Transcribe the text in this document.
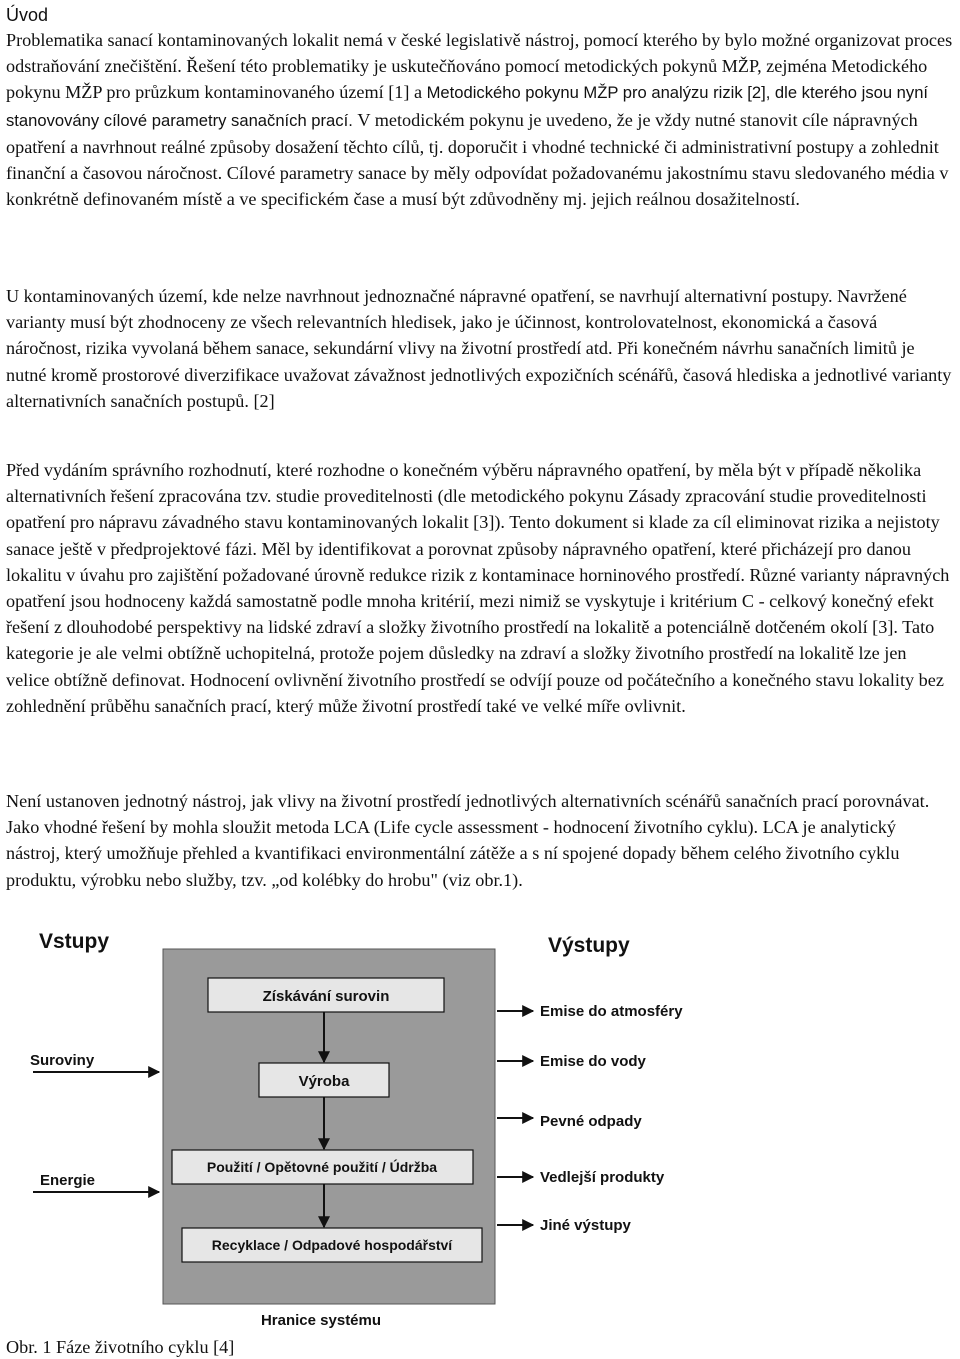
Úvod

Problematika sanací kontaminovaných lokalit nemá v české legislativě nástroj, pomocí kterého by bylo možné organizovat proces odstraňování znečištění. Řešení této problematiky je uskutečňováno pomocí metodických pokynů MŽP, zejména Metodického pokynu MŽP pro průzkum kontaminovaného území [1] a Metodického pokynu MŽP pro analýzu rizik [2], dle kterého jsou nyní stanovovány cílové parametry sanačních prací. V metodickém pokynu je uvedeno, že je vždy nutné stanovit cíle nápravných opatření a navrhnout reálné způsoby dosažení těchto cílů, tj. doporučit i vhodné technické či administrativní postupy a zohlednit finanční a časovou náročnost. Cílové parametry sanace by měly odpovídat požadovanému jakostnímu stavu sledovaného média v konkrétně definovaném místě a ve specifickém čase a musí být zdůvodněny mj. jejich reálnou dosažitelností.

U kontaminovaných území, kde nelze navrhnout jednoznačné nápravné opatření, se navrhují alternativní postupy. Navržené varianty musí být zhodnoceny ze všech relevantních hledisek, jako je účinnost, kontrolovatelnost, ekonomická a časová náročnost, rizika vyvolaná během sanace, sekundární vlivy na životní prostředí atd. Při konečném návrhu sanačních limitů je nutné kromě prostorové diverzifikace uvažovat závažnost jednotlivých expozičních scénářů, časová hlediska a jednotlivé varianty alternativních sanačních postupů. [2]

Před vydáním správního rozhodnutí, které rozhodne o konečném výběru nápravného opatření, by měla být v případě několika alternativních řešení zpracována tzv. studie proveditelnosti (dle metodického pokynu Zásady zpracování studie proveditelnosti opatření pro nápravu závadného stavu kontaminovaných lokalit [3]). Tento dokument si klade za cíl eliminovat rizika a nejistoty sanace ještě v předprojektové fázi. Měl by identifikovat a porovnat způsoby nápravného opatření, které přicházejí pro danou lokalitu v úvahu pro zajištění požadované úrovně redukce rizik z kontaminace horninového prostředí. Různé varianty nápravných opatření jsou hodnoceny každá samostatně podle mnoha kritérií, mezi nimiž se vyskytuje i kritérium C - celkový konečný efekt řešení z dlouhodobé perspektivy na lidské zdraví a složky životního prostředí na lokalitě a potenciálně dotčeném okolí [3]. Tato kategorie je ale velmi obtížně uchopitelná, protože pojem důsledky na zdraví a složky životního prostředí na lokalitě lze jen velice obtížně definovat. Hodnocení ovlivnění životního prostředí se odvíjí pouze od počátečního a konečného stavu lokality bez zohlednění průběhu sanačních prací, který může životní prostředí také ve velké míře ovlivnit.

Není ustanoven jednotný nástroj, jak vlivy na životní prostředí jednotlivých alternativních scénářů sanačních prací porovnávat. Jako vhodné řešení by mohla sloužit metoda LCA (Life cycle assessment - hodnocení životního cyklu). LCA je analytický nástroj, který umožňuje přehled a kvantifikaci environmentální zátěže a s ní spojené dopady během celého životního cyklu produktu, výrobku nebo služby, tzv. „od kolébky do hrobu" (viz obr.1).

Vstupy	Výstupy
Získávání surovin
Výroba
Použití / Opětovné použití / Údržba
Recyklace / Odpadové hospodářství
Suroviny
Energie
Emise do atmosféry
Emise do vody
Pevné odpady
Vedlejší produkty
Jiné výstupy
Hranice systému
Obr. 1 Fáze životního cyklu [4]
